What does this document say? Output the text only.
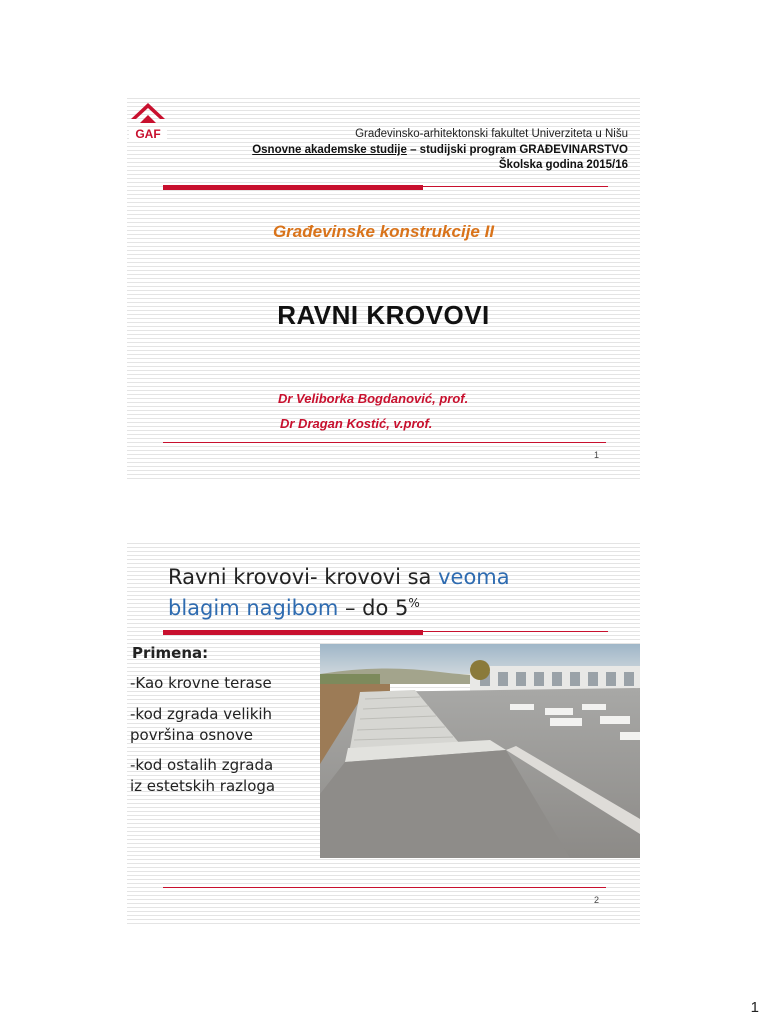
GAF	Građevinsko-arhitektonski fakultet Univerziteta u Nišu
Osnovne akademske studije – studijski program GRAĐEVINARSTVO
Školska godina 2015/16
Građevinske konstrukcije II
RAVNI KROVOVI
Dr Veliborka Bogdanović, prof.
Dr Dragan Kostić, v.prof.
1
Ravni krovovi- krovovi sa veoma
blagim nagibom – do 5%
Primena:
-Kao krovne terase
-kod zgrada velikih
površina osnove
-kod ostalih zgrada
iz estetskih razloga
2
1
